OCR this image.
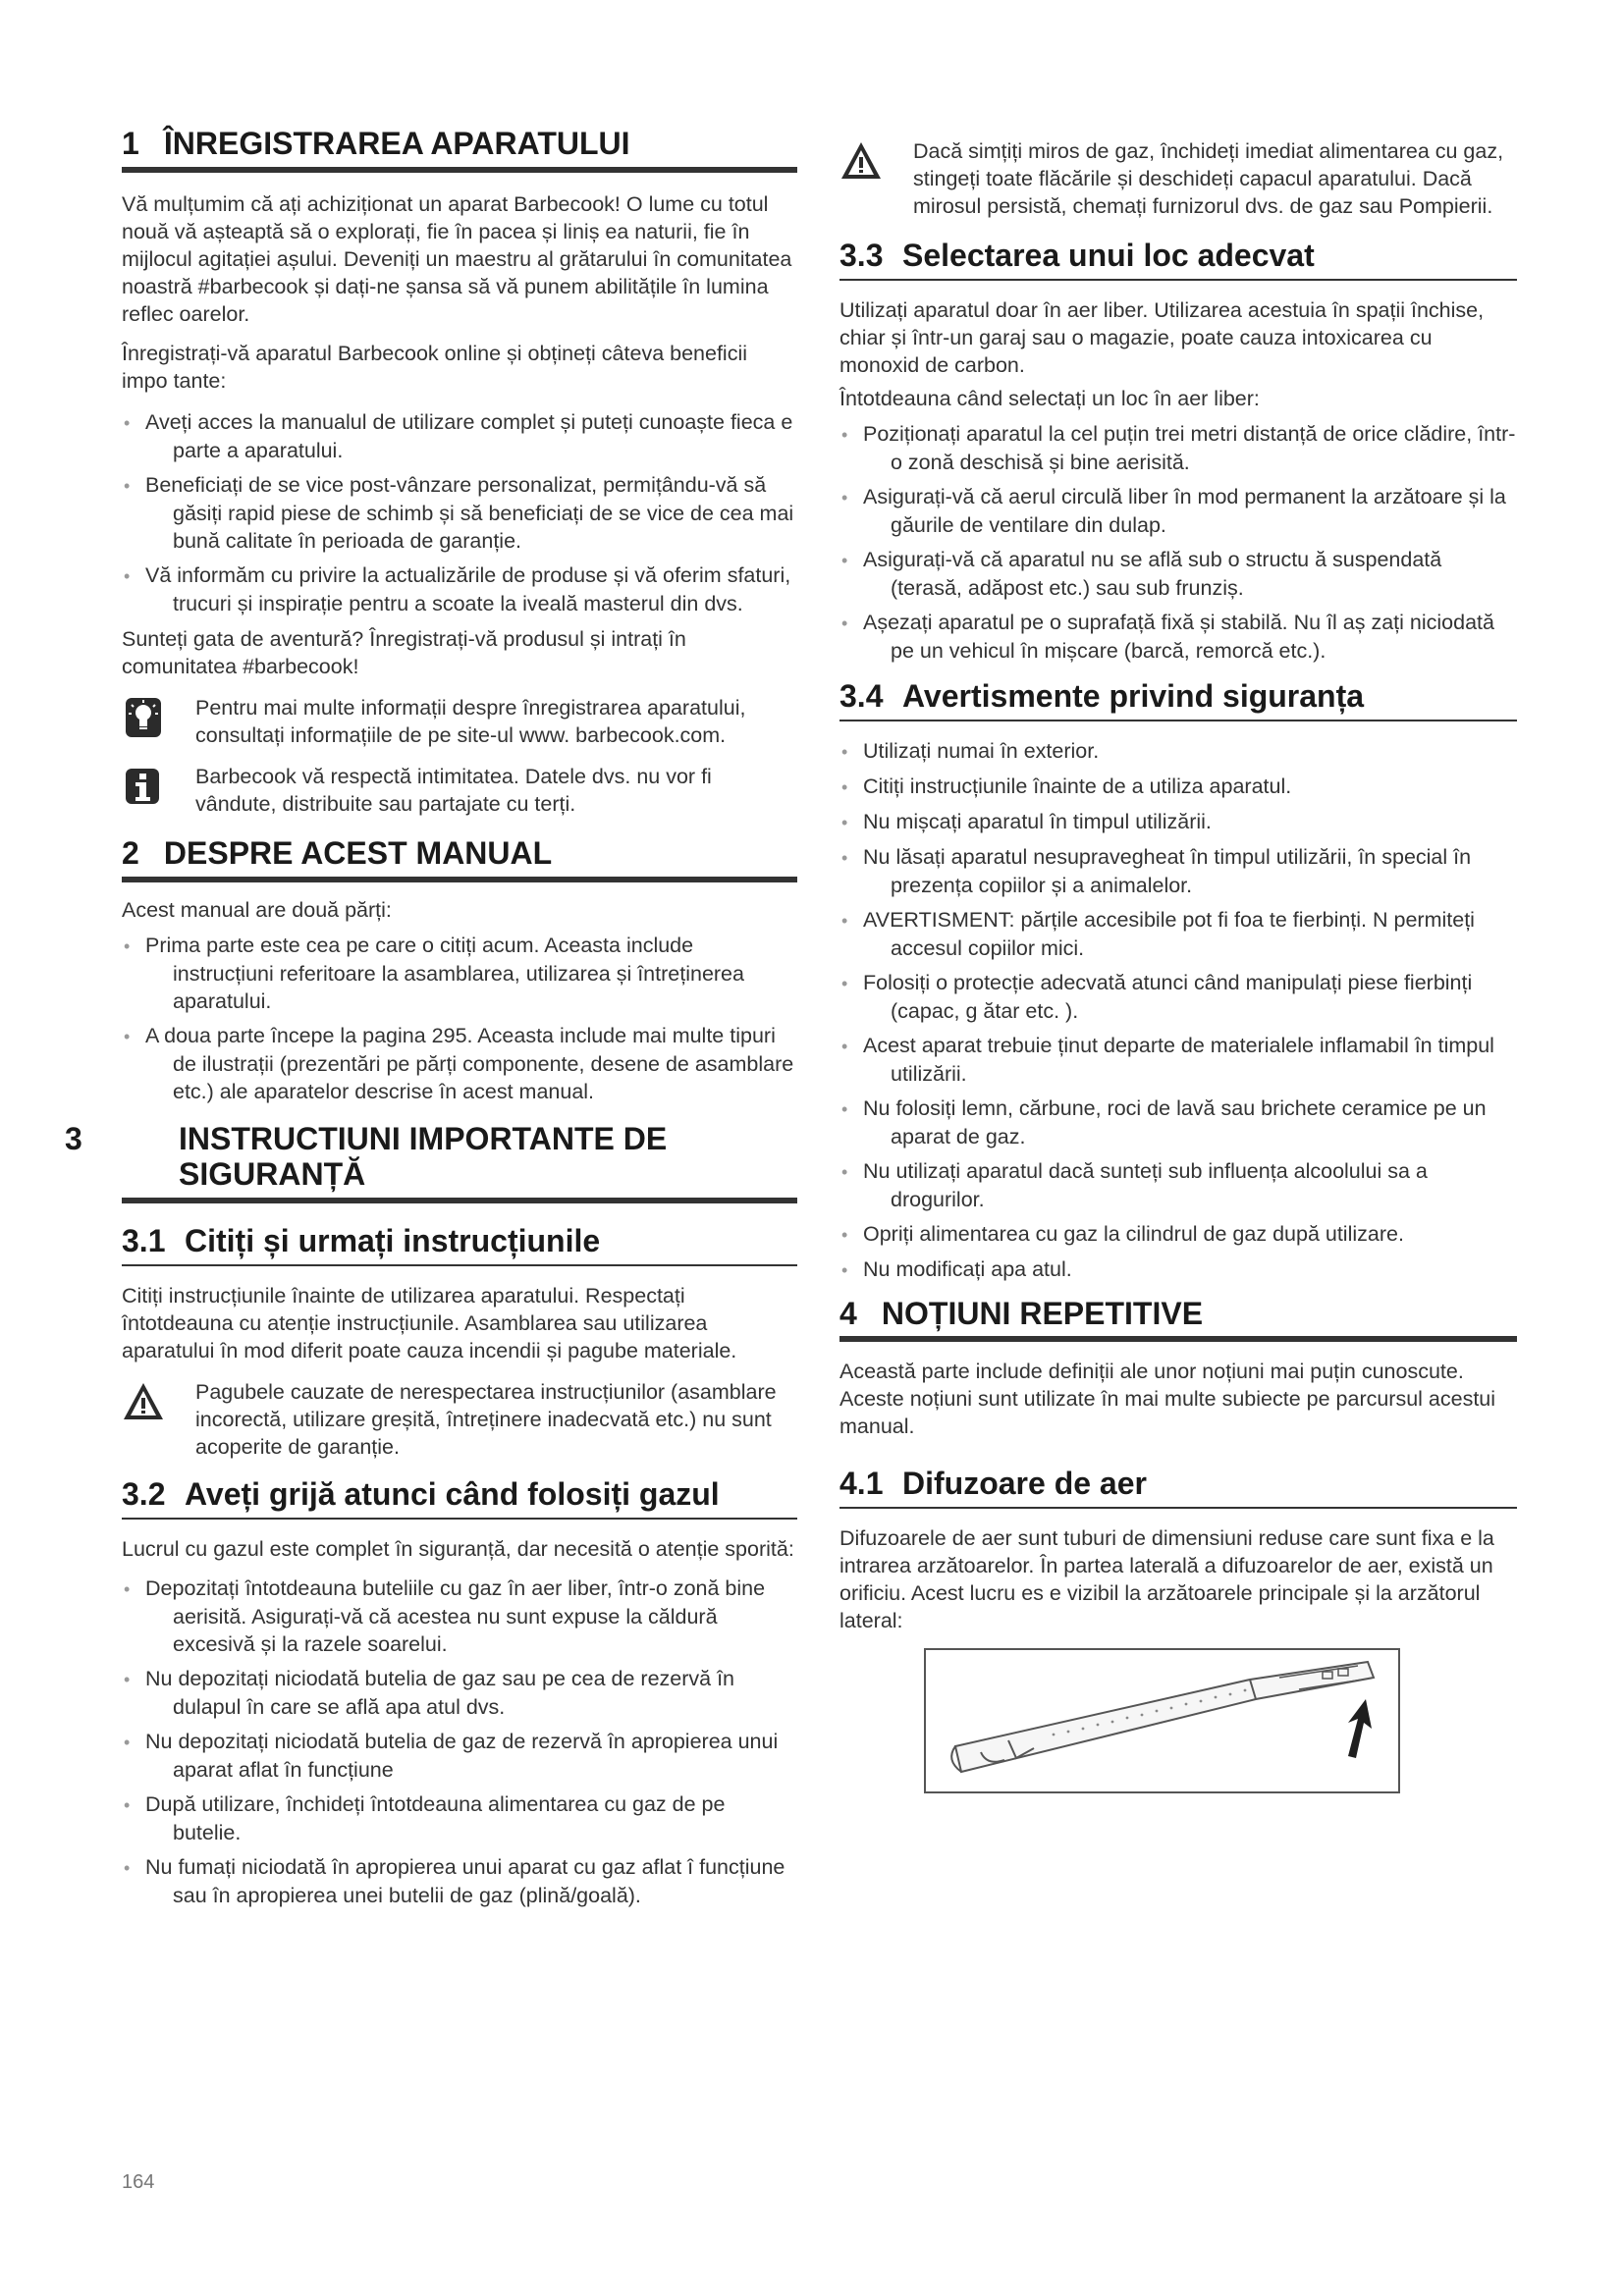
1 ÎNREGISTRAREA APARATULUI

Vă mulțumim că ați achiziționat un aparat Barbecook! O lume cu totul nouă vă așteaptă să o explorați, fie în pacea și liniș ea naturii, fie în mijlocul agitației așului. Deveniți un maestru al grătarului în comunitatea noastră #barbecook și dați-ne șansa să vă punem abilitățile în lumina reflec oarelor.

Înregistrați-vă aparatul Barbecook online și obțineți câteva beneficii impo tante:

• Aveți acces la manualul de utilizare complet și puteți cunoaște fieca e parte a aparatului.
• Beneficiați de se vice post-vânzare personalizat, permițându-vă să găsiți rapid piese de schimb și să beneficiați de se vice de cea mai bună calitate în perioada de garanție.
• Vă informăm cu privire la actualizările de produse și vă oferim sfaturi, trucuri și inspirație pentru a scoate la iveală masterul din dvs.

Sunteți gata de aventură? Înregistrați-vă produsul și intrați în comunitatea #barbecook!

Pentru mai multe informații despre înregistrarea aparatului, consultați informațiile de pe site-ul www. barbecook.com.
Barbecook vă respectă intimitatea. Datele dvs. nu vor fi vândute, distribuite sau partajate cu terți.
2 DESPRE ACEST MANUAL

Acest manual are două părți:

• Prima parte este cea pe care o citiți acum. Aceasta include instrucțiuni referitoare la asamblarea, utilizarea și întreținerea aparatului.
• A doua parte începe la pagina 295. Aceasta include mai multe tipuri de ilustrații (prezentări pe părți componente, desene de asamblare etc.) ale aparatelor descrise în acest manual.
3	INSTRUCTIUNI IMPORTANTE DE SIGURANȚĂ
3.1 Citiți și urmați instrucțiunile

Citiți instrucțiunile înainte de utilizarea aparatului. Respectați întotdeauna cu atenție instrucțiunile. Asamblarea sau utilizarea aparatului în mod diferit poate cauza incendii și pagube materiale.

Pagubele cauzate de nerespectarea instrucțiunilor (asamblare incorectă, utilizare greșită, întreținere inadecvată etc.) nu sunt acoperite de garanție.
3.2 Aveți grijă atunci când folosiți gazul

Lucrul cu gazul este complet în siguranță, dar necesită o atenție sporită:

• Depozitați întotdeauna buteliile cu gaz în aer liber, într-o zonă bine aerisită. Asigurați-vă că acestea nu sunt expuse la căldură excesivă și la razele soarelui.
• Nu depozitați niciodată butelia de gaz sau pe cea de rezervă în dulapul în care se află apa atul dvs.
• Nu depozitați niciodată butelia de gaz de rezervă în apropierea unui aparat aflat în funcțiune
• După utilizare, închideți întotdeauna alimentarea cu gaz de pe butelie.
• Nu fumați niciodată în apropierea unui aparat cu gaz aflat î funcțiune sau în apropierea unei butelii de gaz (plină/goală).
Dacă simțiți miros de gaz, închideți imediat alimentarea cu gaz, stingeți toate flăcările și deschideți capacul aparatului. Dacă mirosul persistă, chemați furnizorul dvs. de gaz sau Pompierii.
3.3 Selectarea unui loc adecvat

Utilizați aparatul doar în aer liber. Utilizarea acestuia în spații închise, chiar și într-un garaj sau o magazie, poate cauza intoxicarea cu monoxid de carbon.

Întotdeauna când selectați un loc în aer liber:

• Poziționați aparatul la cel puțin trei metri distanță de orice clădire, într-o zonă deschisă și bine aerisită.
• Asigurați-vă că aerul circulă liber în mod permanent la arzătoare și la găurile de ventilare din dulap.
• Asigurați-vă că aparatul nu se află sub o structu ă suspendată (terasă, adăpost etc.) sau sub frunziș.
• Așezați aparatul pe o suprafață fixă și stabilă. Nu îl aș zați niciodată pe un vehicul în mișcare (barcă, remorcă etc.).
3.4 Avertismente privind siguranța
• Utilizați numai în exterior.
• Citiți instrucțiunile înainte de a utiliza aparatul.
• Nu mișcați aparatul în timpul utilizării.
• Nu lăsați aparatul nesupravegheat în timpul utilizării, în special în prezența copiilor și a animalelor.
• AVERTISMENT: părțile accesibile pot fi foa te fierbinți. N permiteți accesul copiilor mici.
• Folosiți o protecție adecvată atunci când manipulați piese fierbinți (capac, g ătar etc. ).
• Acest aparat trebuie ținut departe de materialele inflamabil în timpul utilizării.
• Nu folosiți lemn, cărbune, roci de lavă sau brichete ceramice pe un aparat de gaz.
• Nu utilizați aparatul dacă sunteți sub influența alcoolului sa a drogurilor.
• Opriți alimentarea cu gaz la cilindrul de gaz după utilizare.
• Nu modificați apa atul.
4 NOȚIUNI REPETITIVE

Această parte include definiții ale unor noțiuni mai puțin cunoscute. Aceste noțiuni sunt utilizate în mai multe subiecte pe parcursul acestui manual.

4.1 Difuzoare de aer

Difuzoarele de aer sunt tuburi de dimensiuni reduse care sunt fixa e la intrarea arzătoarelor. În partea laterală a difuzoarelor de aer, există un orificiu. Acest lucru es e vizibil la arzătoarele principale și la arzătorul lateral:

164
